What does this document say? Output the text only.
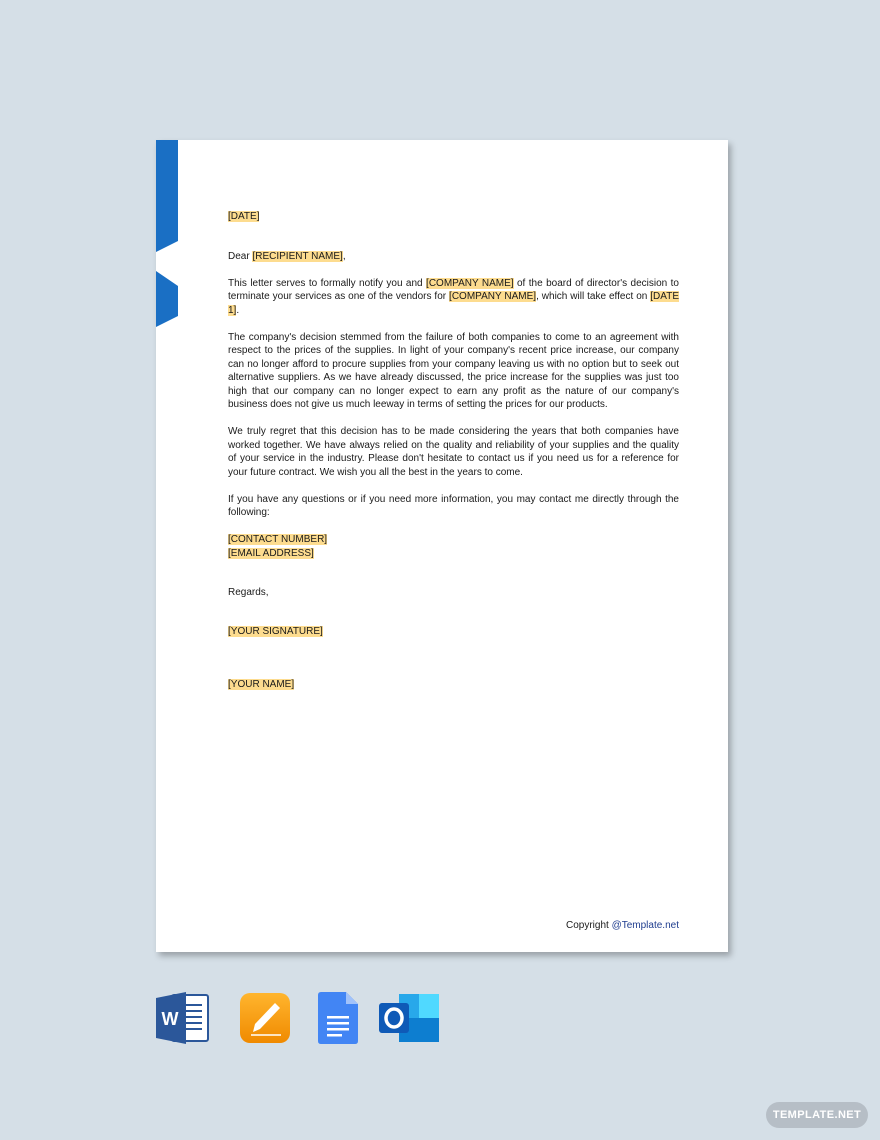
[DATE]

Dear [RECIPIENT NAME],

This letter serves to formally notify you and [COMPANY NAME] of the board of director's decision to terminate your services as one of the vendors for [COMPANY NAME], which will take effect on [DATE 1].

The company's decision stemmed from the failure of both companies to come to an agreement with respect to the prices of the supplies. In light of your company's recent price increase, our company can no longer afford to procure supplies from your company leaving us with no option but to seek out alternative suppliers. As we have already discussed, the price increase for the supplies was just too high that our company can no longer expect to earn any profit as the nature of our company's business does not give us much leeway in terms of setting the prices for our products.

We truly regret that this decision has to be made considering the years that both companies have worked together. We have always relied on the quality and reliability of your supplies and the quality of your service in the industry. Please don't hesitate to contact us if you need us for a reference for your future contract. We wish you all the best in the years to come.

If you have any questions or if you need more information, you may contact me directly through the following:

[CONTACT NUMBER]

[EMAIL ADDRESS]

Regards,

[YOUR SIGNATURE]

[YOUR NAME]

Copyright @Template.net
W
TEMPLATE.NET
